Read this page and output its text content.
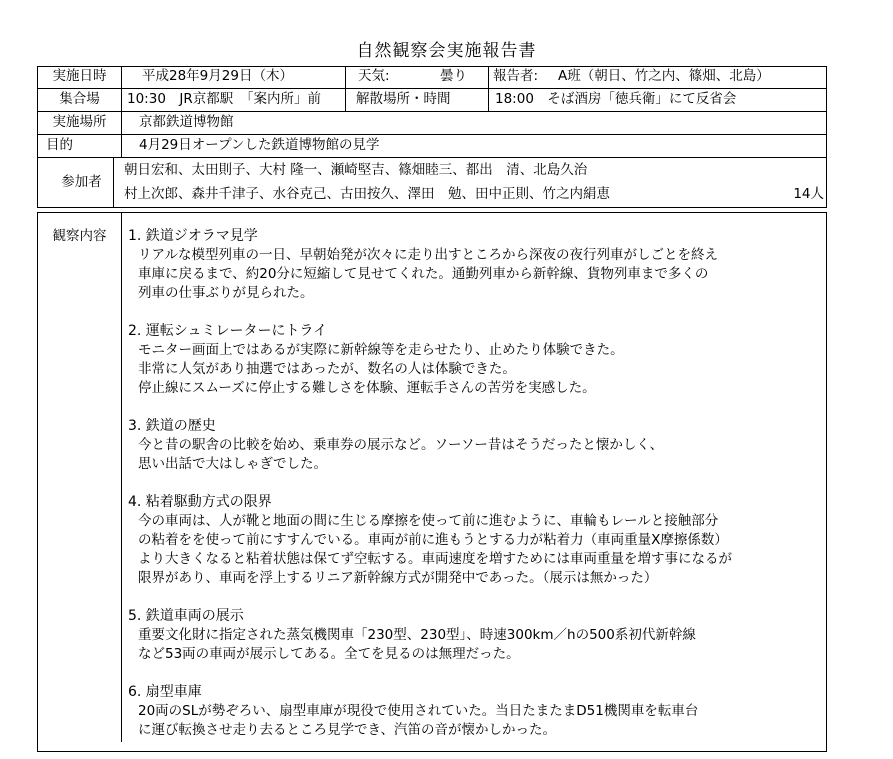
自然観察会実施報告書
実施日時	平成28年9月29日（木）	天気:	曇り	報告者:	A班（朝日、竹之内、篠畑、北島）
集合場	10:30　JR京都駅　「案内所」前	解散場所・時間	18:00　そば酒房「徳兵衛」にて反省会
実施場所	京都鉄道博物館
目的	4月29日オープンした鉄道博物館の見学
参加者
朝日宏和、太田則子、大村 隆一、瀬崎堅吉、篠畑睦三、都出　清、北島久治
村上次郎、森井千津子、水谷克己、古田按久、澤田　勉、田中正則、竹之内絹恵	14人
観察内容	1. 鉄道ジオラマ見学

リアルな模型列車の一日、早朝始発が次々に走り出すところから深夜の夜行列車がしごとを終え

車庫に戻るまで、約20分に短縮して見せてくれた。通勤列車から新幹線、貨物列車まで多くの

列車の仕事ぶりが見られた。

2. 運転シュミレーターにトライ

モニター画面上ではあるが実際に新幹線等を走らせたり、止めたり体験できた。

非常に人気があり抽選ではあったが、数名の人は体験できた。

停止線にスムーズに停止する難しさを体験、運転手さんの苦労を実感した。

3. 鉄道の歴史

今と昔の駅舎の比較を始め、乗車券の展示など。ソーソー昔はそうだったと懐かしく、

思い出話で大はしゃぎでした。

4. 粘着駆動方式の限界

今の車両は、人が靴と地面の間に生じる摩擦を使って前に進むように、車輪もレールと接触部分

の粘着をを使って前にすすんでいる。車両が前に進もうとする力が粘着力（車両重量X摩擦係数）

より大きくなると粘着状態は保てず空転する。車両速度を増すためには車両重量を増す事になるが

限界があり、車両を浮上するリニア新幹線方式が開発中であった。（展示は無かった）

5. 鉄道車両の展示

重要文化財に指定された蒸気機関車「230型、230型」、時速300km／hの500系初代新幹線

など53両の車両が展示してある。全てを見るのは無理だった。

6. 扇型車庫

20両のSLが勢ぞろい、扇型車庫が現役で使用されていた。当日たまたまD51機関車を転車台

に運び転換させ走り去るところ見学でき、汽笛の音が懐かしかった。
